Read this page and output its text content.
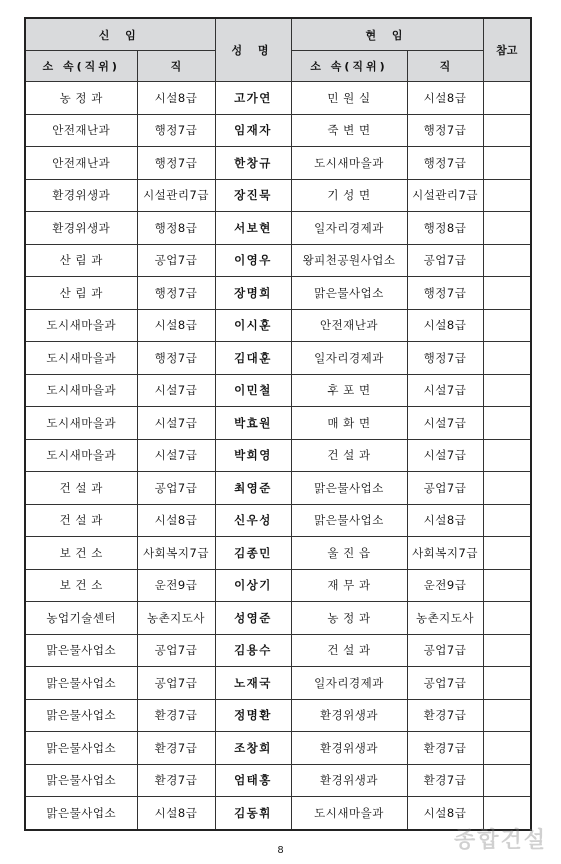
신 임		성 명	현 임		참고
소 속(직위)	직		소 속(직위)	직	
농 정 과	시설8급	고가연	민 원 실	시설8급	
안전재난과	행정7급	임재자	죽 변 면	행정7급	
안전재난과	행정7급	한창규	도시새마을과	행정7급	
환경위생과	시설관리7급	장진묵	기 성 면	시설관리7급	
환경위생과	행정8급	서보현	일자리경제과	행정8급	
산 림 과	공업7급	이영우	왕피천공원사업소	공업7급	
산 림 과	행정7급	장명희	맑은물사업소	행정7급	
도시새마을과	시설8급	이시훈	안전재난과	시설8급	
도시새마을과	행정7급	김대훈	일자리경제과	행정7급	
도시새마을과	시설7급	이민철	후 포 면	시설7급	
도시새마을과	시설7급	박효원	매 화 면	시설7급	
도시새마을과	시설7급	박희영	건 설 과	시설7급	
건 설 과	공업7급	최영준	맑은물사업소	공업7급	
건 설 과	시설8급	신우성	맑은물사업소	시설8급	
보 건 소	사회복지7급	김종민	울 진 읍	사회복지7급	
보 건 소	운전9급	이상기	재 무 과	운전9급	
농업기술센터	농촌지도사	성영준	농 정 과	농촌지도사	
맑은물사업소	공업7급	김용수	건 설 과	공업7급	
맑은물사업소	공업7급	노재국	일자리경제과	공업7급	
맑은물사업소	환경7급	정명환	환경위생과	환경7급	
맑은물사업소	환경7급	조창희	환경위생과	환경7급	
맑은물사업소	환경7급	엄태홍	환경위생과	환경7급	
맑은물사업소	시설8급	김동휘	도시새마을과	시설8급	
8	종합건설
